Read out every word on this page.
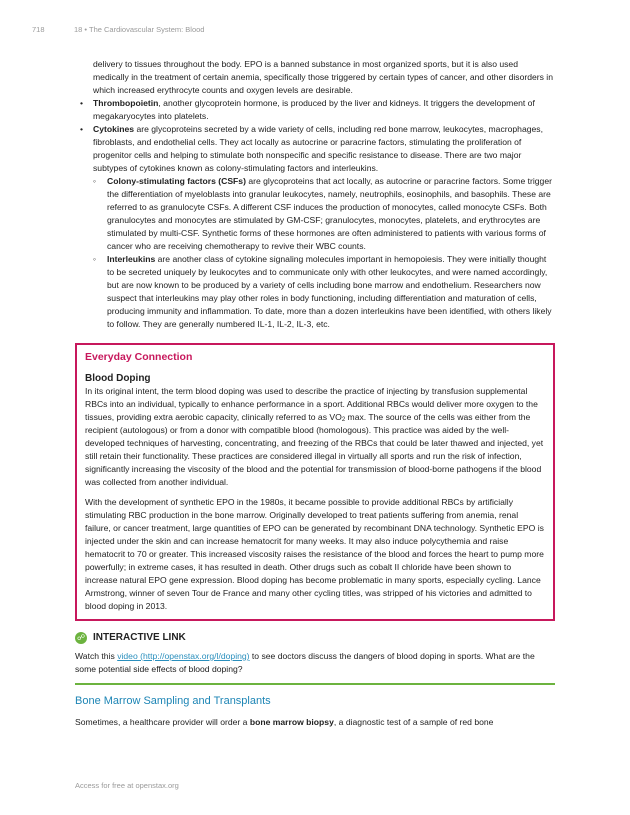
718	18 • The Cardiovascular System: Blood

delivery to tissues throughout the body. EPO is a banned substance in most organized sports, but it is also used medically in the treatment of certain anemia, specifically those triggered by certain types of cancer, and other disorders in which increased erythrocyte counts and oxygen levels are desirable.

• Thrombopoietin, another glycoprotein hormone, is produced by the liver and kidneys. It triggers the development of megakaryocytes into platelets.
• Cytokines are glycoproteins secreted by a wide variety of cells, including red bone marrow, leukocytes, macrophages, fibroblasts, and endothelial cells. They act locally as autocrine or paracrine factors, stimulating the proliferation of progenitor cells and helping to stimulate both nonspecific and specific resistance to disease. There are two major subtypes of cytokines known as colony-stimulating factors and interleukins.
◦ Colony-stimulating factors (CSFs) are glycoproteins that act locally, as autocrine or paracrine factors. Some trigger the differentiation of myeloblasts into granular leukocytes, namely, neutrophils, eosinophils, and basophils. These are referred to as granulocyte CSFs. A different CSF induces the production of monocytes, called monocyte CSFs. Both granulocytes and monocytes are stimulated by GM-CSF; granulocytes, monocytes, platelets, and erythrocytes are stimulated by multi-CSF. Synthetic forms of these hormones are often administered to patients with various forms of cancer who are receiving chemotherapy to revive their WBC counts.
◦ Interleukins are another class of cytokine signaling molecules important in hemopoiesis. They were initially thought to be secreted uniquely by leukocytes and to communicate only with other leukocytes, and were named accordingly, but are now known to be produced by a variety of cells including bone marrow and endothelium. Researchers now suspect that interleukins may play other roles in body functioning, including differentiation and maturation of cells, producing immunity and inflammation. To date, more than a dozen interleukins have been identified, with others likely to follow. They are generally numbered IL-1, IL-2, IL-3, etc.
Everyday Connection
Blood Doping

In its original intent, the term blood doping was used to describe the practice of injecting by transfusion supplemental RBCs into an individual, typically to enhance performance in a sport. Additional RBCs would deliver more oxygen to the tissues, providing extra aerobic capacity, clinically referred to as $VO_2$ max. The source of the cells was either from the recipient (autologous) or from a donor with compatible blood (homologous). This practice was aided by the well-developed techniques of harvesting, concentrating, and freezing of the RBCs that could be later thawed and injected, yet still retain their functionality. These practices are considered illegal in virtually all sports and run the risk of infection, significantly increasing the viscosity of the blood and the potential for transmission of blood-borne pathogens if the blood was collected from another individual.

With the development of synthetic EPO in the 1980s, it became possible to provide additional RBCs by artificially stimulating RBC production in the bone marrow. Originally developed to treat patients suffering from anemia, renal failure, or cancer treatment, large quantities of EPO can be generated by recombinant DNA technology. Synthetic EPO is injected under the skin and can increase hematocrit for many weeks. It may also induce polycythemia and raise hematocrit to 70 or greater. This increased viscosity raises the resistance of the blood and forces the heart to pump more powerfully; in extreme cases, it has resulted in death. Other drugs such as cobalt II chloride have been shown to increase natural EPO gene expression. Blood doping has become problematic in many sports, especially cycling. Lance Armstrong, winner of seven Tour de France and many other cycling titles, was stripped of his victories and admitted to blood doping in 2013.

☍ INTERACTIVE LINK

Watch this video (http://openstax.org/l/doping) to see doctors discuss the dangers of blood doping in sports. What are the some potential side effects of blood doping?

Bone Marrow Sampling and Transplants

Sometimes, a healthcare provider will order a bone marrow biopsy, a diagnostic test of a sample of red bone

Access for free at openstax.org
